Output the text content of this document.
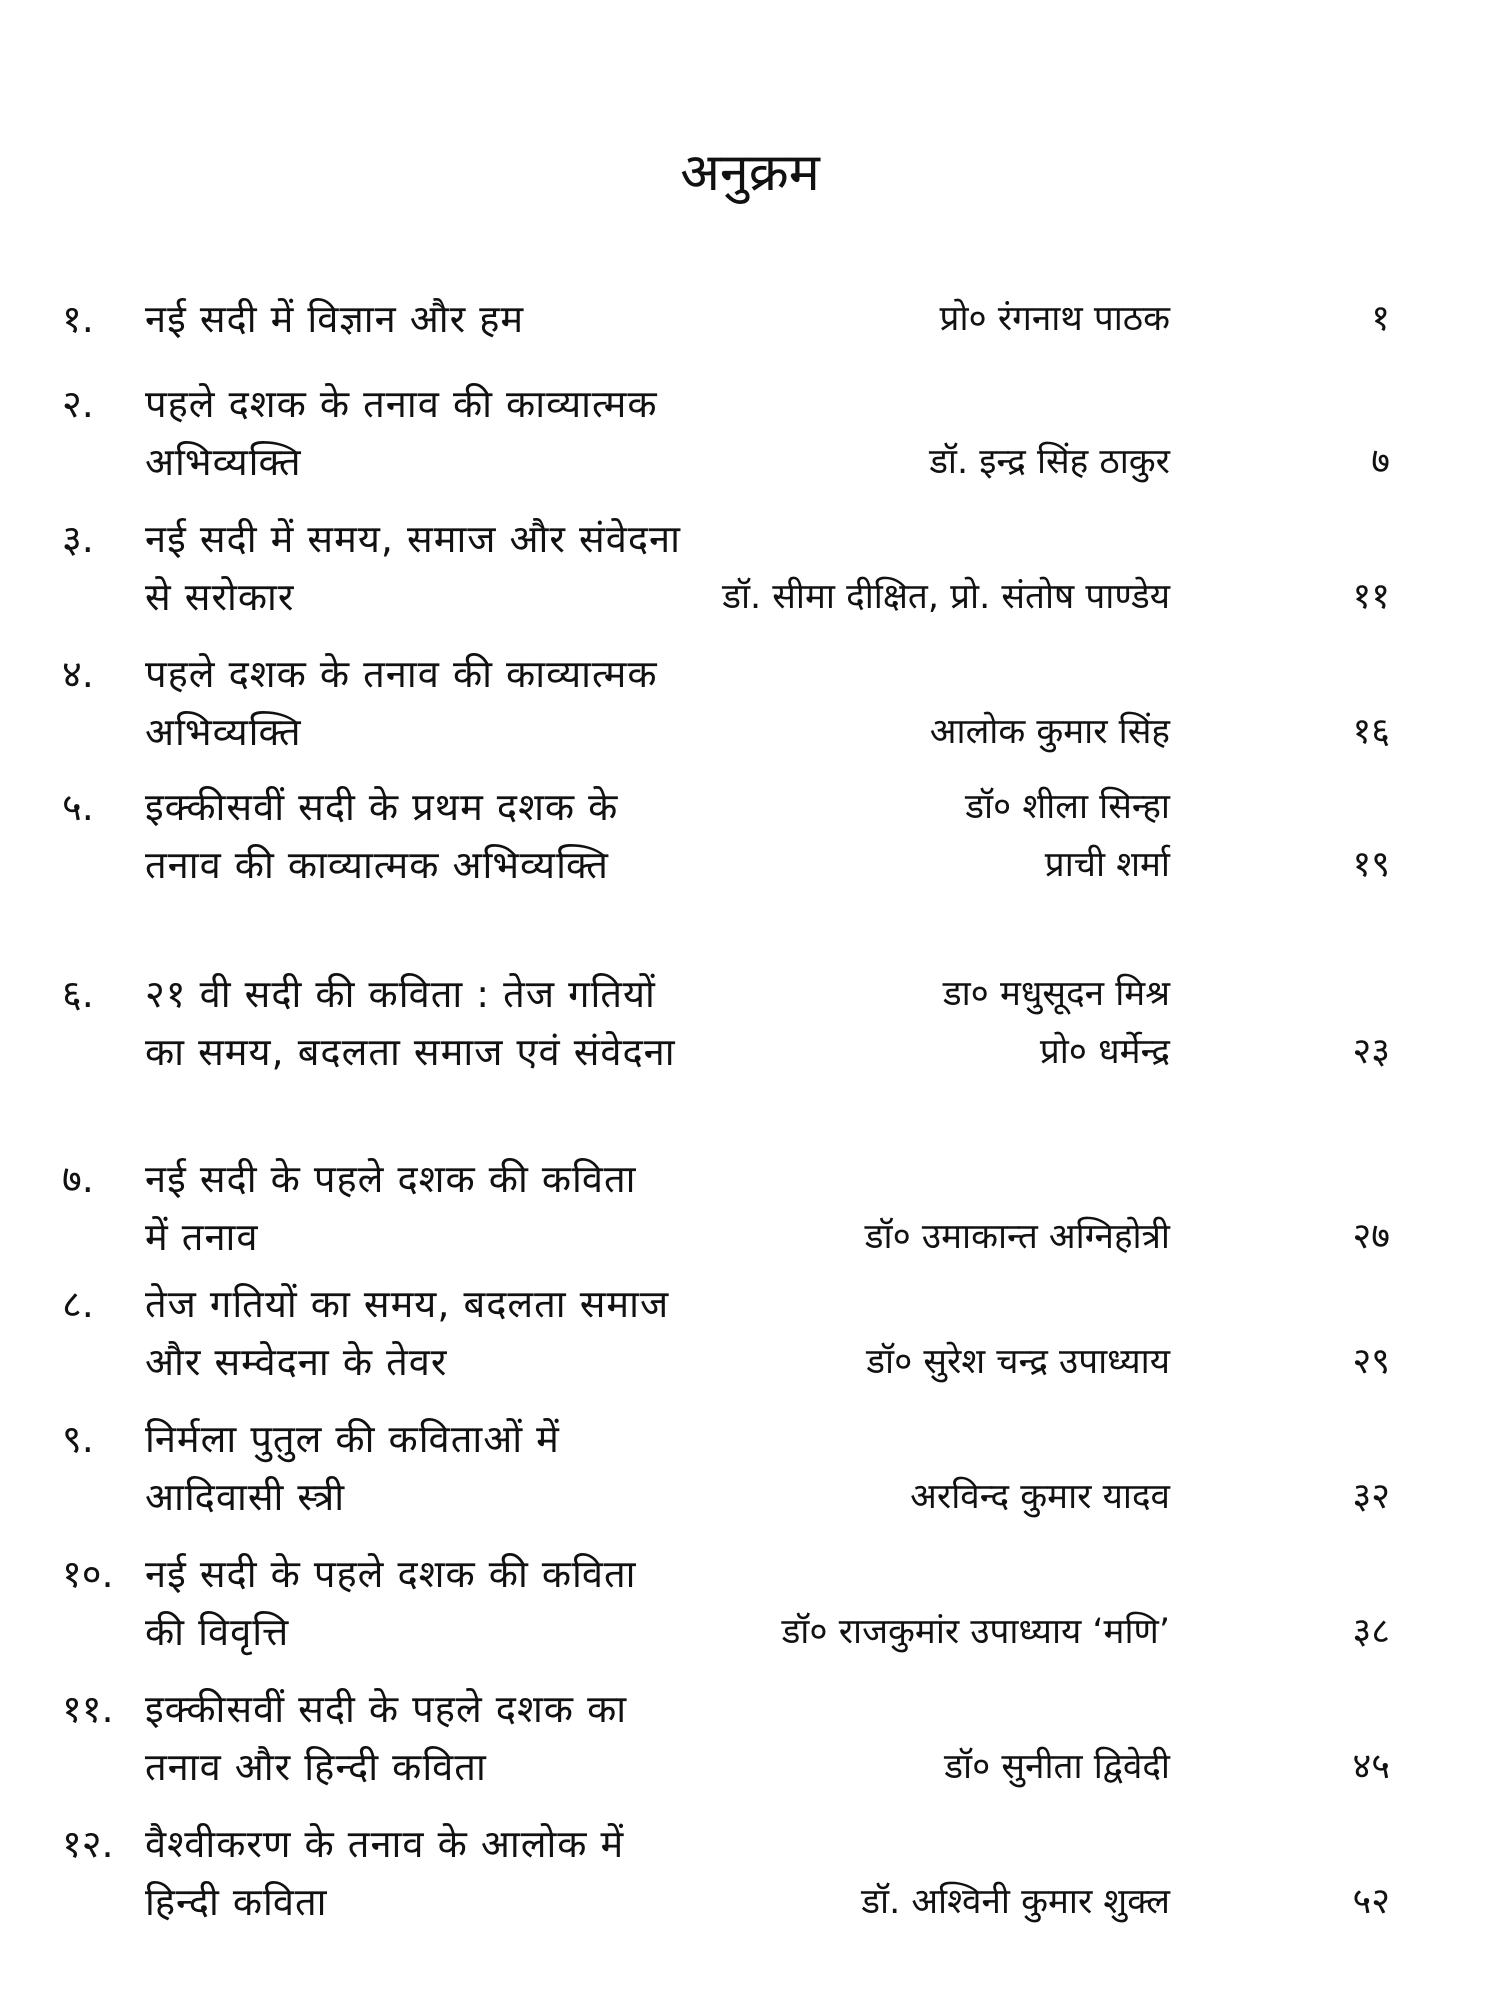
अनुक्रम
१. नई सदी में विज्ञान और हम	प्रो० रंगनाथ पाठक	१
२. पहले दशक के तनाव की काव्यात्मक
अभिव्यक्ति	डॉ. इन्द्र सिंह ठाकुर	७
३. नई सदी में समय, समाज और संवेदना
से सरोकार	डॉ. सीमा दीक्षित, प्रो. संतोष पाण्डेय	११
४. पहले दशक के तनाव की काव्यात्मक
अभिव्यक्ति	आलोक कुमार सिंह	१६
५. इक्कीसवीं सदी के प्रथम दशक के	डॉ० शीला सिन्हा
तनाव की काव्यात्मक अभिव्यक्ति	प्राची शर्मा	१९
६. २१ वी सदी की कविता : तेज गतियों	डा० मधुसूदन मिश्र
का समय, बदलता समाज एवं संवेदना	प्रो० धर्मेन्द्र	२३
७. नई सदी के पहले दशक की कविता
में तनाव	डॉ० उमाकान्त अग्निहोत्री	२७
८. तेज गतियों का समय, बदलता समाज
और सम्वेदना के तेवर	डॉ० सुरेश चन्द्र उपाध्याय	२९
९. निर्मला पुतुल की कविताओं में
आदिवासी स्त्री	अरविन्द कुमार यादव	३२
१०. नई सदी के पहले दशक की कविता
की विवृत्ति	डॉ० राजकुमांर उपाध्याय ‘मणि’	३८
११. इक्कीसवीं सदी के पहले दशक का
तनाव और हिन्दी कविता	डॉ० सुनीता द्विवेदी	४५
१२. वैश्वीकरण के तनाव के आलोक में
हिन्दी कविता	डॉ. अश्विनी कुमार शुक्ल	५२
